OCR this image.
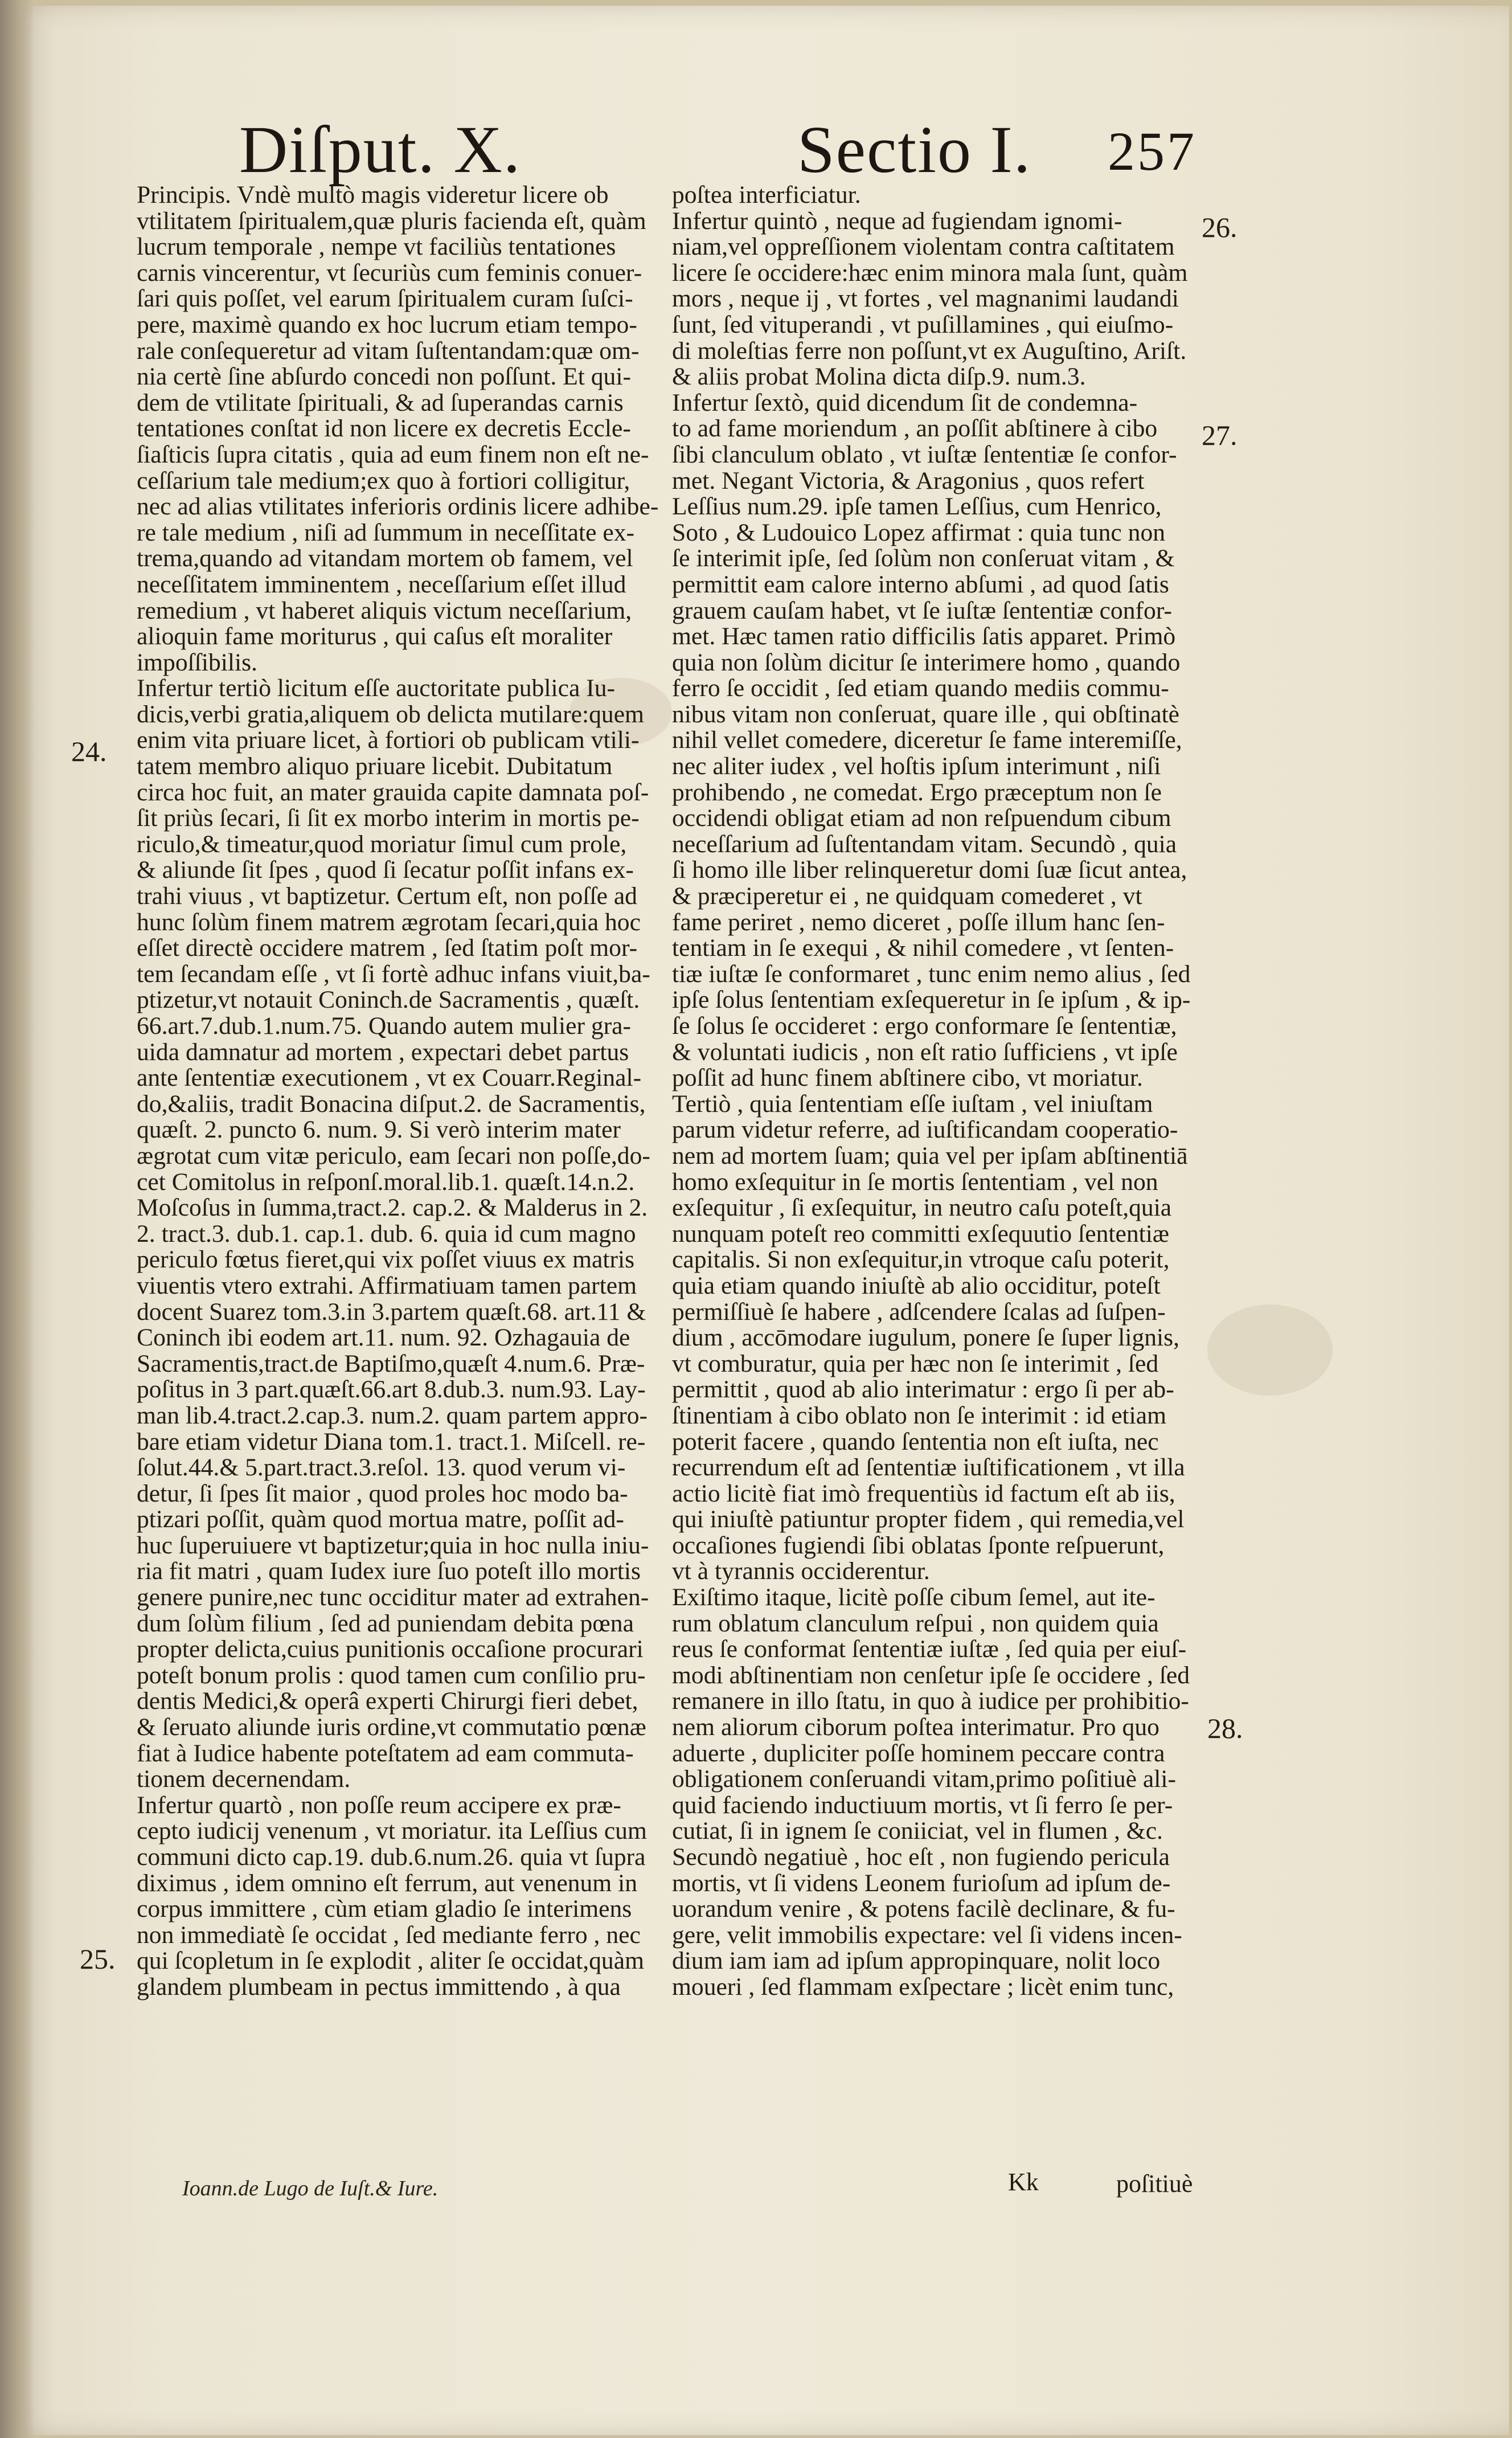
Diſput. X.	Sectio I. 257
Principis. Vndè multò magis videretur licere ob
vtilitatem ſpiritualem,quæ pluris facienda eſt, quàm
lucrum temporale , nempe vt faciliùs tentationes
carnis vincerentur, vt ſecuriùs cum feminis conuer-
ſari quis poſſet, vel earum ſpiritualem curam ſuſci-
pere, maximè quando ex hoc lucrum etiam tempo-
rale conſequeretur ad vitam ſuſtentandam:quæ om-
nia certè ſine abſurdo concedi non poſſunt. Et qui-
dem de vtilitate ſpirituali, & ad ſuperandas carnis
tentationes conſtat id non licere ex decretis Eccle-
ſiaſticis ſupra citatis , quia ad eum finem non eſt ne-
ceſſarium tale medium;ex quo à fortiori colligitur,
nec ad alias vtilitates inferioris ordinis licere adhibe-
re tale medium , niſi ad ſummum in neceſſitate ex-
trema,quando ad vitandam mortem ob famem, vel
neceſſitatem imminentem , neceſſarium eſſet illud
remedium , vt haberet aliquis victum neceſſarium,
alioquin fame moriturus , qui caſus eſt moraliter
impoſſibilis.
Infertur tertiò licitum eſſe auctoritate publica Iu-
dicis,verbi gratia,aliquem ob delicta mutilare:quem
enim vita priuare licet, à fortiori ob publicam vtili-
tatem membro aliquo priuare licebit. Dubitatum
circa hoc fuit, an mater grauida capite damnata poſ-
ſit priùs ſecari, ſi ſit ex morbo interim in mortis pe-
riculo,& timeatur,quod moriatur ſimul cum prole,
& aliunde ſit ſpes , quod ſi ſecatur poſſit infans ex-
trahi viuus , vt baptizetur. Certum eſt, non poſſe ad
hunc ſolùm finem matrem ægrotam ſecari,quia hoc
eſſet directè occidere matrem , ſed ſtatim poſt mor-
tem ſecandam eſſe , vt ſi fortè adhuc infans viuit,ba-
ptizetur,vt notauit Coninch.de Sacramentis , quæſt.
66.art.7.dub.1.num.75. Quando autem mulier gra-
uida damnatur ad mortem , expectari debet partus
ante ſententiæ executionem , vt ex Couarr.Reginal-
do,&aliis, tradit Bonacina diſput.2. de Sacramentis,
quæſt. 2. puncto 6. num. 9. Si verò interim mater
ægrotat cum vitæ periculo, eam ſecari non poſſe,do-
cet Comitolus in reſponſ.moral.lib.1. quæſt.14.n.2.
Moſcoſus in ſumma,tract.2. cap.2. & Malderus in 2.
2. tract.3. dub.1. cap.1. dub. 6. quia id cum magno
periculo fœtus fieret,qui vix poſſet viuus ex matris
viuentis vtero extrahi. Affirmatiuam tamen partem
docent Suarez tom.3.in 3.partem quæſt.68. art.11 &
Coninch ibi eodem art.11. num. 92. Ozhagauia de
Sacramentis,tract.de Baptiſmo,quæſt 4.num.6. Præ-
poſitus in 3 part.quæſt.66.art 8.dub.3. num.93. Lay-
man lib.4.tract.2.cap.3. num.2. quam partem appro-
bare etiam videtur Diana tom.1. tract.1. Miſcell. re-
ſolut.44.& 5.part.tract.3.reſol. 13. quod verum vi-
detur, ſi ſpes ſit maior , quod proles hoc modo ba-
ptizari poſſit, quàm quod mortua matre, poſſit ad-
huc ſuperuiuere vt baptizetur;quia in hoc nulla iniu-
ria fit matri , quam Iudex iure ſuo poteſt illo mortis
genere punire,nec tunc occiditur mater ad extrahen-
dum ſolùm filium , ſed ad puniendam debita pœna
propter delicta,cuius punitionis occaſione procurari
poteſt bonum prolis : quod tamen cum conſilio pru-
dentis Medici,& operâ experti Chirurgi fieri debet,
& ſeruato aliunde iuris ordine,vt commutatio pœnæ
fiat à Iudice habente poteſtatem ad eam commuta-
tionem decernendam.
Infertur quartò , non poſſe reum accipere ex præ-
cepto iudicij venenum , vt moriatur. ita Leſſius cum
communi dicto cap.19. dub.6.num.26. quia vt ſupra
diximus , idem omnino eſt ferrum, aut venenum in
corpus immittere , cùm etiam gladio ſe interimens
non immediatè ſe occidat , ſed mediante ferro , nec
qui ſcopletum in ſe explodit , aliter ſe occidat,quàm
glandem plumbeam in pectus immittendo , à qua
poſtea interficiatur.
Infertur quintò , neque ad fugiendam ignomi-
niam,vel oppreſſionem violentam contra caſtitatem
licere ſe occidere:hæc enim minora mala ſunt, quàm
mors , neque ij , vt fortes , vel magnanimi laudandi
ſunt, ſed vituperandi , vt puſillamines , qui eiuſmo-
di moleſtias ferre non poſſunt,vt ex Auguſtino, Ariſt.
& aliis probat Molina dicta diſp.9. num.3.
Infertur ſextò, quid dicendum ſit de condemna-
to ad fame moriendum , an poſſit abſtinere à cibo
ſibi clanculum oblato , vt iuſtæ ſententiæ ſe confor-
met. Negant Victoria, & Aragonius , quos refert
Leſſius num.29. ipſe tamen Leſſius, cum Henrico,
Soto , & Ludouico Lopez affirmat : quia tunc non
ſe interimit ipſe, ſed ſolùm non conſeruat vitam , &
permittit eam calore interno abſumi , ad quod ſatis
grauem cauſam habet, vt ſe iuſtæ ſententiæ confor-
met. Hæc tamen ratio difficilis ſatis apparet. Primò
quia non ſolùm dicitur ſe interimere homo , quando
ferro ſe occidit , ſed etiam quando mediis commu-
nibus vitam non conſeruat, quare ille , qui obſtinatè
nihil vellet comedere, diceretur ſe fame interemiſſe,
nec aliter iudex , vel hoſtis ipſum interimunt , niſi
prohibendo , ne comedat. Ergo præceptum non ſe
occidendi obligat etiam ad non reſpuendum cibum
neceſſarium ad ſuſtentandam vitam. Secundò , quia
ſi homo ille liber relinqueretur domi ſuæ ſicut antea,
& præciperetur ei , ne quidquam comederet , vt
fame periret , nemo diceret , poſſe illum hanc ſen-
tentiam in ſe exequi , & nihil comedere , vt ſenten-
tiæ iuſtæ ſe conformaret , tunc enim nemo alius , ſed
ipſe ſolus ſententiam exſequeretur in ſe ipſum , & ip-
ſe ſolus ſe occideret : ergo conformare ſe ſententiæ,
& voluntati iudicis , non eſt ratio ſufficiens , vt ipſe
poſſit ad hunc finem abſtinere cibo, vt moriatur.
Tertiò , quia ſententiam eſſe iuſtam , vel iniuſtam
parum videtur referre, ad iuſtificandam cooperatio-
nem ad mortem ſuam; quia vel per ipſam abſtinentiā
homo exſequitur in ſe mortis ſententiam , vel non
exſequitur , ſi exſequitur, in neutro caſu poteſt,quia
nunquam poteſt reo committi exſequutio ſententiæ
capitalis. Si non exſequitur,in vtroque caſu poterit,
quia etiam quando iniuſtè ab alio occiditur, poteſt
permiſſiuè ſe habere , adſcendere ſcalas ad ſuſpen-
dium , accōmodare iugulum, ponere ſe ſuper lignis,
vt comburatur, quia per hæc non ſe interimit , ſed
permittit , quod ab alio interimatur : ergo ſi per ab-
ſtinentiam à cibo oblato non ſe interimit : id etiam
poterit facere , quando ſententia non eſt iuſta, nec
recurrendum eſt ad ſententiæ iuſtificationem , vt illa
actio licitè fiat imò frequentiùs id factum eſt ab iis,
qui iniuſtè patiuntur propter fidem , qui remedia,vel
occaſiones fugiendi ſibi oblatas ſponte reſpuerunt,
vt à tyrannis occiderentur.
Exiſtimo itaque, licitè poſſe cibum ſemel, aut ite-
rum oblatum clanculum reſpui , non quidem quia
reus ſe conformat ſententiæ iuſtæ , ſed quia per eiuſ-
modi abſtinentiam non cenſetur ipſe ſe occidere , ſed
remanere in illo ſtatu, in quo à iudice per prohibitio-
nem aliorum ciborum poſtea interimatur. Pro quo
aduerte , dupliciter poſſe hominem peccare contra
obligationem conſeruandi vitam,primo poſitiuè ali-
quid faciendo inductiuum mortis, vt ſi ferro ſe per-
cutiat, ſi in ignem ſe coniiciat, vel in flumen , &c.
Secundò negatiuè , hoc eſt , non fugiendo pericula
mortis, vt ſi videns Leonem furioſum ad ipſum de-
uorandum venire , & potens facilè declinare, & fu-
gere, velit immobilis expectare: vel ſi videns incen-
dium iam iam ad ipſum appropinquare, nolit loco
moueri , ſed flammam exſpectare ; licèt enim tunc,
24.
25.
26.
27.
28.
Ioann.de Lugo de Iuſt.& Iure.	Kk	poſitiuè
